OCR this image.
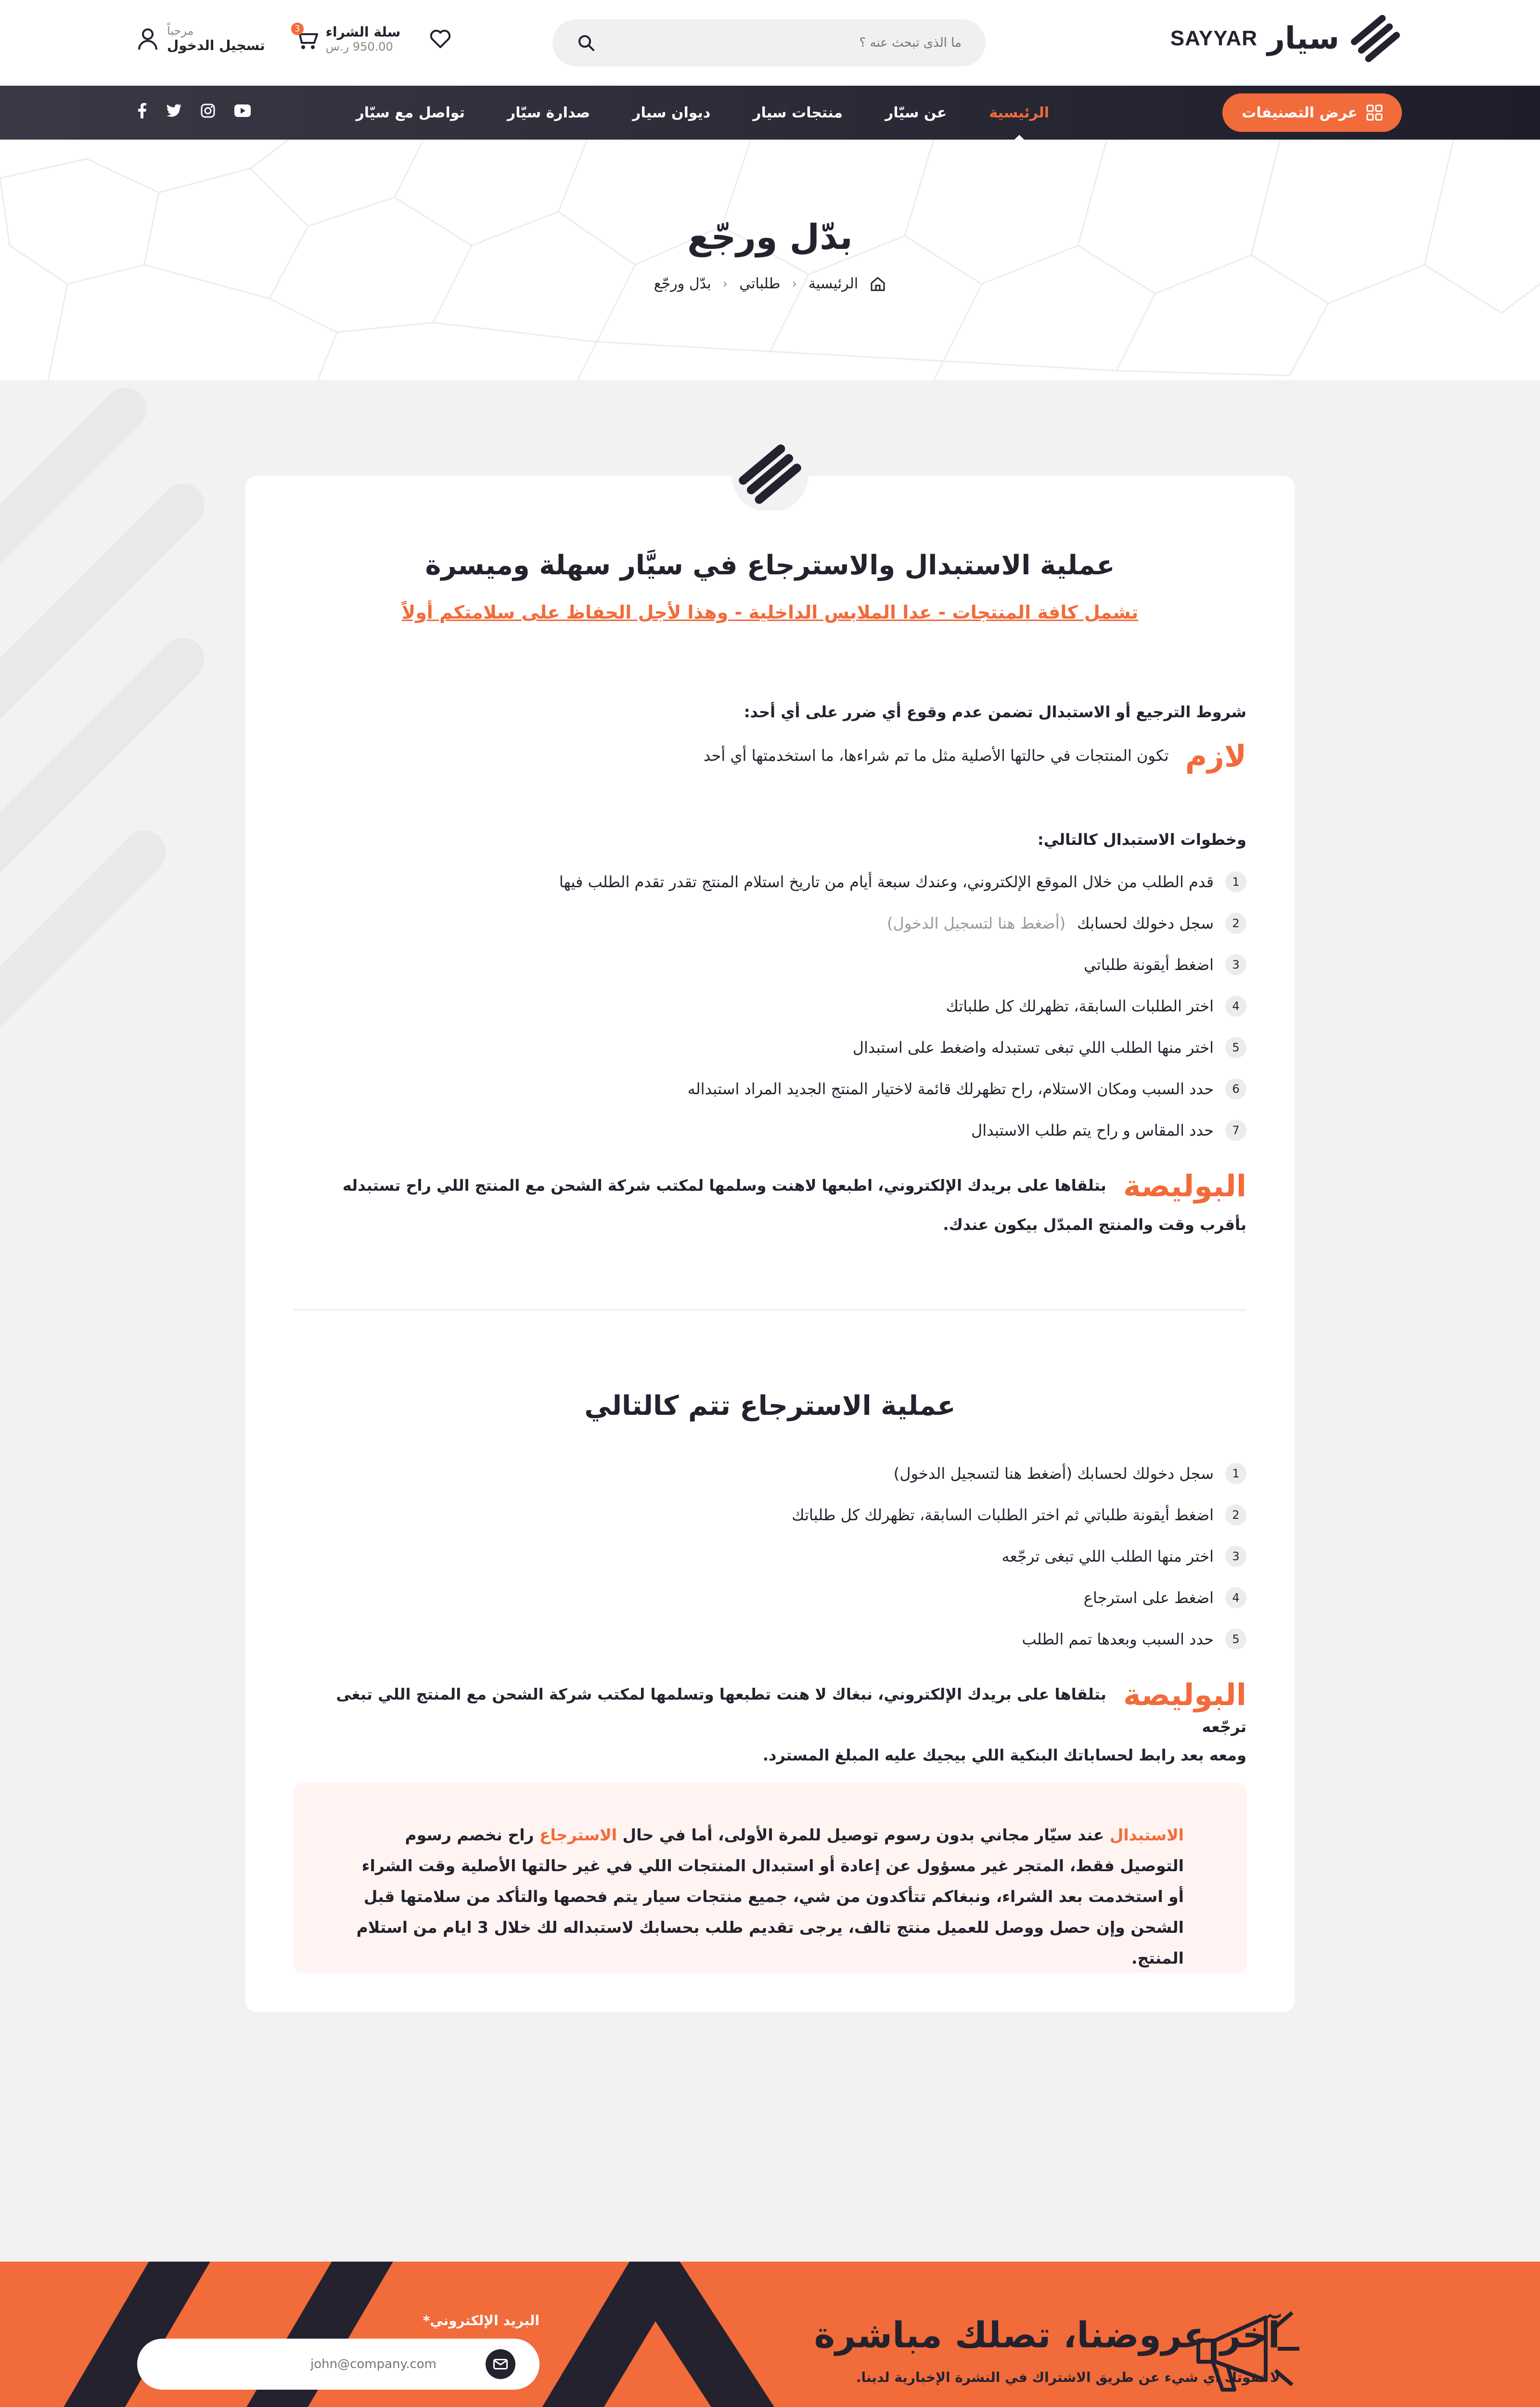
سيار
SAYYAR
ما الذى تبحث عنه ؟
سلة الشراء
950.00 ر.س
3
مرحباً
تسجيل الدخول
عرض التصنيفات
الرئيسية
عن سيّار
منتجات سيار
ديوان سيار
صدارة سيّار
تواصل مع سيّار
بدّل ورجّع
الرئيسية
‹
طلباتي
‹
بدّل ورجّع
عملية الاستبدال والاسترجاع في سيَّار سهلة وميسرة
تشمل كافة المنتجات - عدا الملابس الداخلية - وهذا لأجل الحفاظ على سلامتكم أولاً
شروط الترجيع أو الاستبدال تضمن عدم وقوع أي ضرر على أي أحد:
لازم تكون المنتجات في حالتها الأصلية مثل ما تم شراءها، ما استخدمتها أي أحد
وخطوات الاستبدال كالتالي:
1
قدم الطلب من خلال الموقع الإلكتروني، وعندك سبعة أيام من تاريخ استلام المنتج تقدر تقدم الطلب فيها
2
سجل دخولك لحسابك
(أضغط هنا لتسجيل الدخول)
3
اضغط أيقونة طلباتي
4
اختر الطلبات السابقة، تظهرلك كل طلباتك
5
اختر منها الطلب اللي تبغى تستبدله واضغط على استبدال
6
حدد السبب ومكان الاستلام، راح تظهرلك قائمة لاختيار المنتج الجديد المراد استبداله
7
حدد المقاس و راح يتم طلب الاستبدال
البوليصة بتلقاها على بريدك الإلكتروني، اطبعها لاهنت وسلمها لمكتب شركة الشحن مع المنتج اللي راح تستبدله
بأقرب وقت والمنتج المبدّل بيكون عندك.
عملية الاسترجاع تتم كالتالي
1
سجل دخولك لحسابك (أضغط هنا لتسجيل الدخول)
2
اضغط أيقونة طلباتي ثم اختر الطلبات السابقة، تظهرلك كل طلباتك
3
اختر منها الطلب اللي تبغى ترجّعه
4
اضغط على استرجاع
5
حدد السبب وبعدها تمم الطلب
البوليصة بتلقاها على بريدك الإلكتروني، نبغاك لا هنت تطبعها وتسلمها لمكتب شركة الشحن مع المنتج اللي تبغى ترجّعه
ومعه بعد رابط لحساباتك البنكية اللي بيجيك عليه المبلغ المسترد.
الاستبدال عند سيّار مجاني بدون رسوم توصيل للمرة الأولى، أما في حال الاسترجاع راح نخصم رسوم التوصيل فقط، المتجر غير مسؤول عن إعادة أو استبدال المنتجات اللي في غير حالتها الأصلية وقت الشراء أو استخدمت بعد الشراء، ونبغاكم تتأكدون من شي، جميع منتجات سيار يتم فحصها والتأكد من سلامتها قبل الشحن وإن حصل ووصل للعميل منتج تالف، يرجى تقديم طلب بحسابك لاستبداله لك خلال 3 ايام من استلام المنتج.
آخر عروضنا، تصلك مباشرة

لا تفوتك أي شيء عن طريق الاشتراك في النشرة الإخبارية لدينا.

البريد الإلكتروني*
john@company.com
